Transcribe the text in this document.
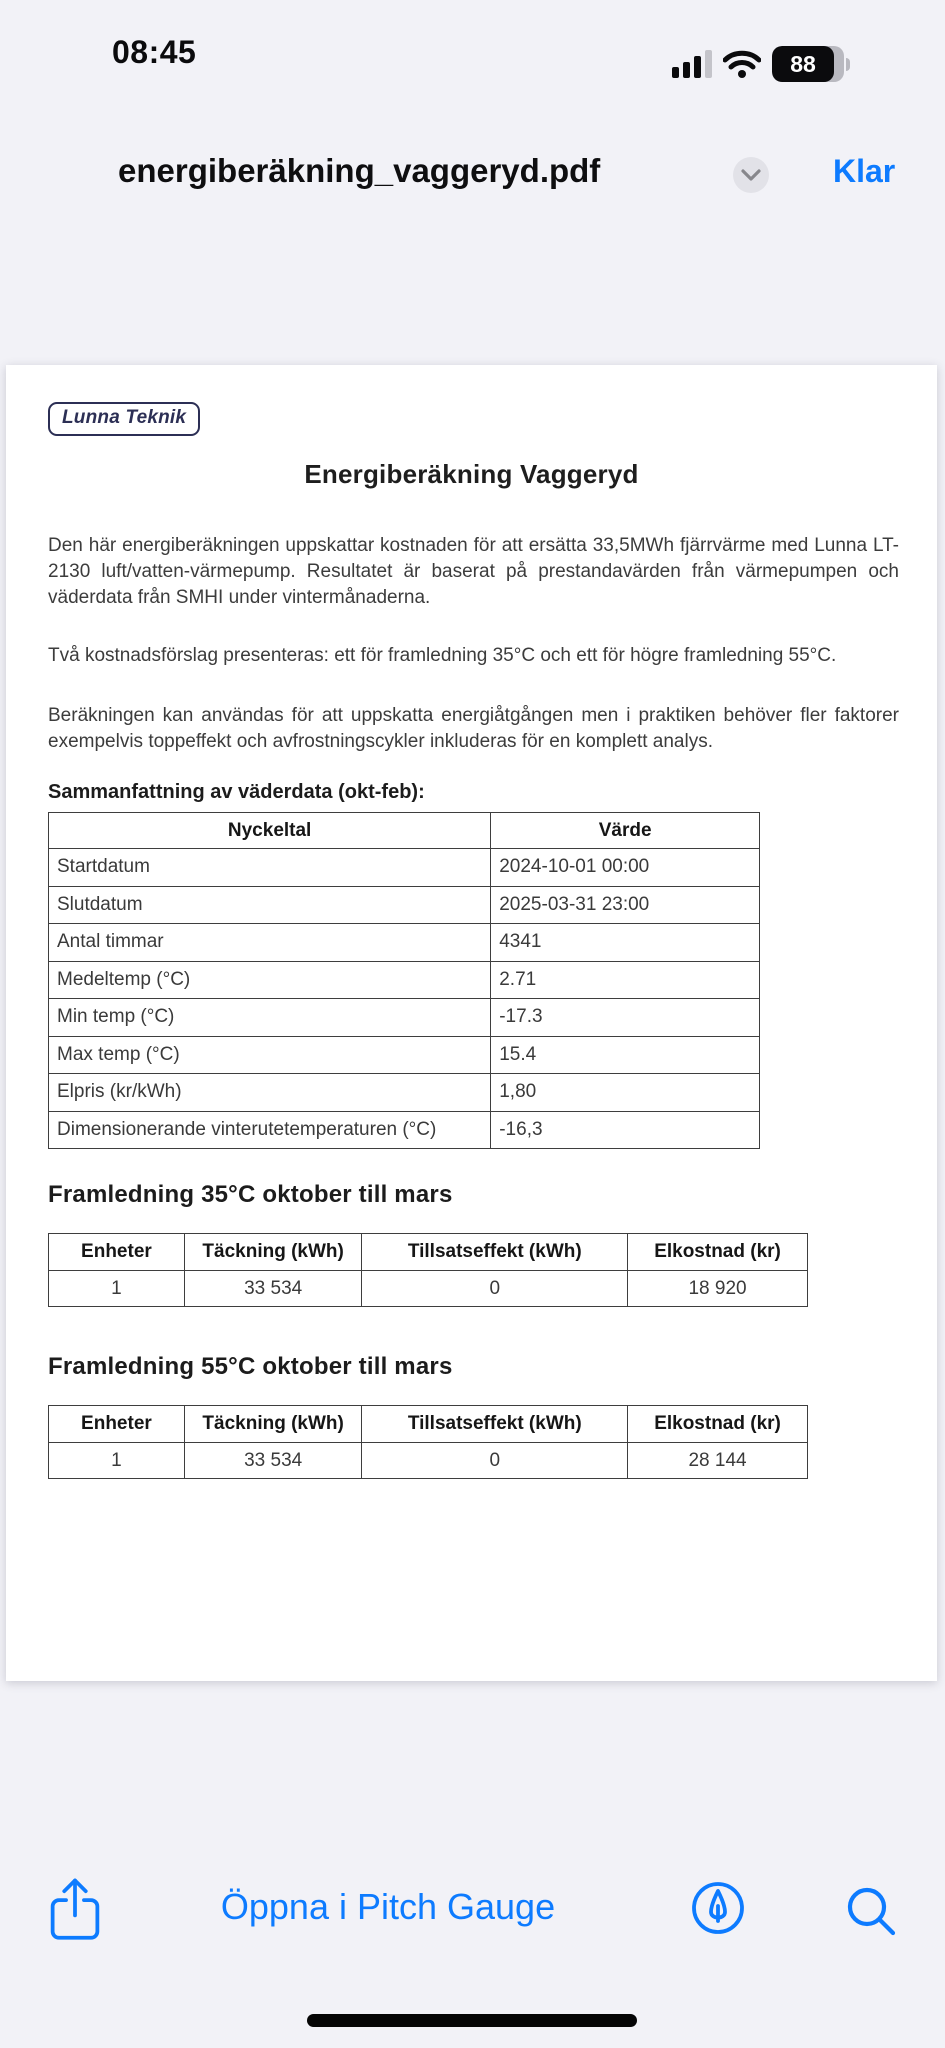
08:45	88
energiberäkning_vaggeryd.pdf	Klar
Lunna Teknik
Energiberäkning Vaggeryd
Den här energiberäkningen uppskattar kostnaden för att ersätta 33,5MWh fjärrvärme med Lunna LT-2130 luft/vatten-värmepump. Resultatet är baserat på prestandavärden från värmepumpen och väderdata från SMHI under vintermånaderna.
Två kostnadsförslag presenteras: ett för framledning 35°C och ett för högre framledning 55°C.
Beräkningen kan användas för att uppskatta energiåtgången men i praktiken behöver fler faktorer exempelvis toppeffekt och avfrostningscykler inkluderas för en komplett analys.
Sammanfattning av väderdata (okt-feb):
Nyckeltal	Värde
Startdatum	2024-10-01 00:00
Slutdatum	2025-03-31 23:00
Antal timmar	4341
Medeltemp (°C)	2.71
Min temp (°C)	-17.3
Max temp (°C)	15.4
Elpris (kr/kWh)	1,80
Dimensionerande vinterutetemperaturen (°C)	-16,3
Framledning 35°C oktober till mars
Enheter	Täckning (kWh)	Tillsatseffekt (kWh)	Elkostnad (kr)
1	33 534	0	18 920
Framledning 55°C oktober till mars
Enheter	Täckning (kWh)	Tillsatseffekt (kWh)	Elkostnad (kr)
1	33 534	0	28 144
Öppna i Pitch Gauge
